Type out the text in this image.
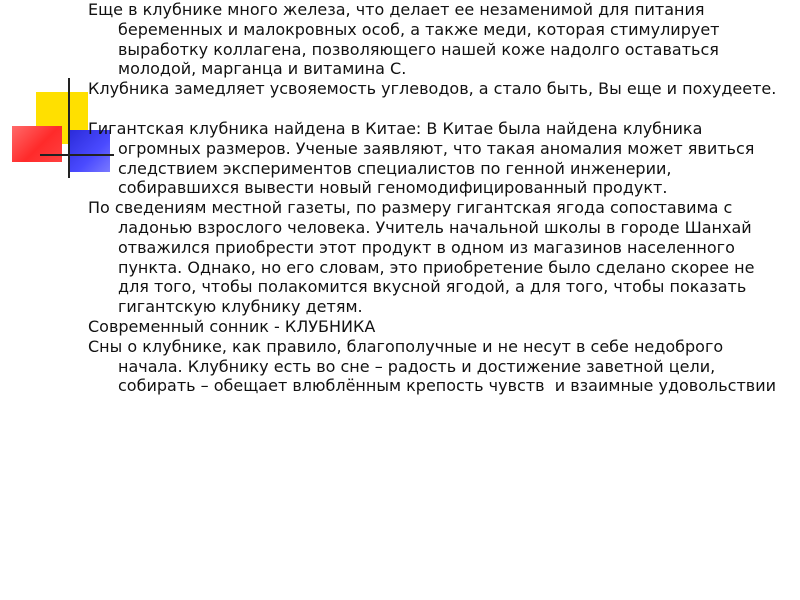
Еще в клубнике много железа, что делает ее незаменимой для питания беременных и малокровных особ, а также меди, которая стимулирует выработку коллагена, позволяющего нашей коже надолго оставаться молодой, марганца и витамина С.

Клубника замедляет усвояемость углеводов, а стало быть, Вы еще и похудеете.

Гигантская клубника найдена в Китае: В Китае была найдена клубника огромных размеров. Ученые заявляют, что такая аномалия может явиться следствием экспериментов специалистов по генной инженерии, собиравшихся вывести новый геномодифицированный продукт.

По сведениям местной газеты, по размеру гигантская ягода сопоставима с ладонью взрослого человека. Учитель начальной школы в городе Шанхай отважился приобрести этот продукт в одном из магазинов населенного пункта. Однако, но его словам, это приобретение было сделано скорее не для того, чтобы полакомится вкусной ягодой, а для того, чтобы показать гигантскую клубнику детям.

Современный сонник - КЛУБНИКА

Сны о клубнике, как правило, благополучные и не несут в себе недоброго начала. Клубнику есть во сне – радость и достижение заветной цели, собирать – обещает влюблённым крепость чувств  и взаимные удовольствии
